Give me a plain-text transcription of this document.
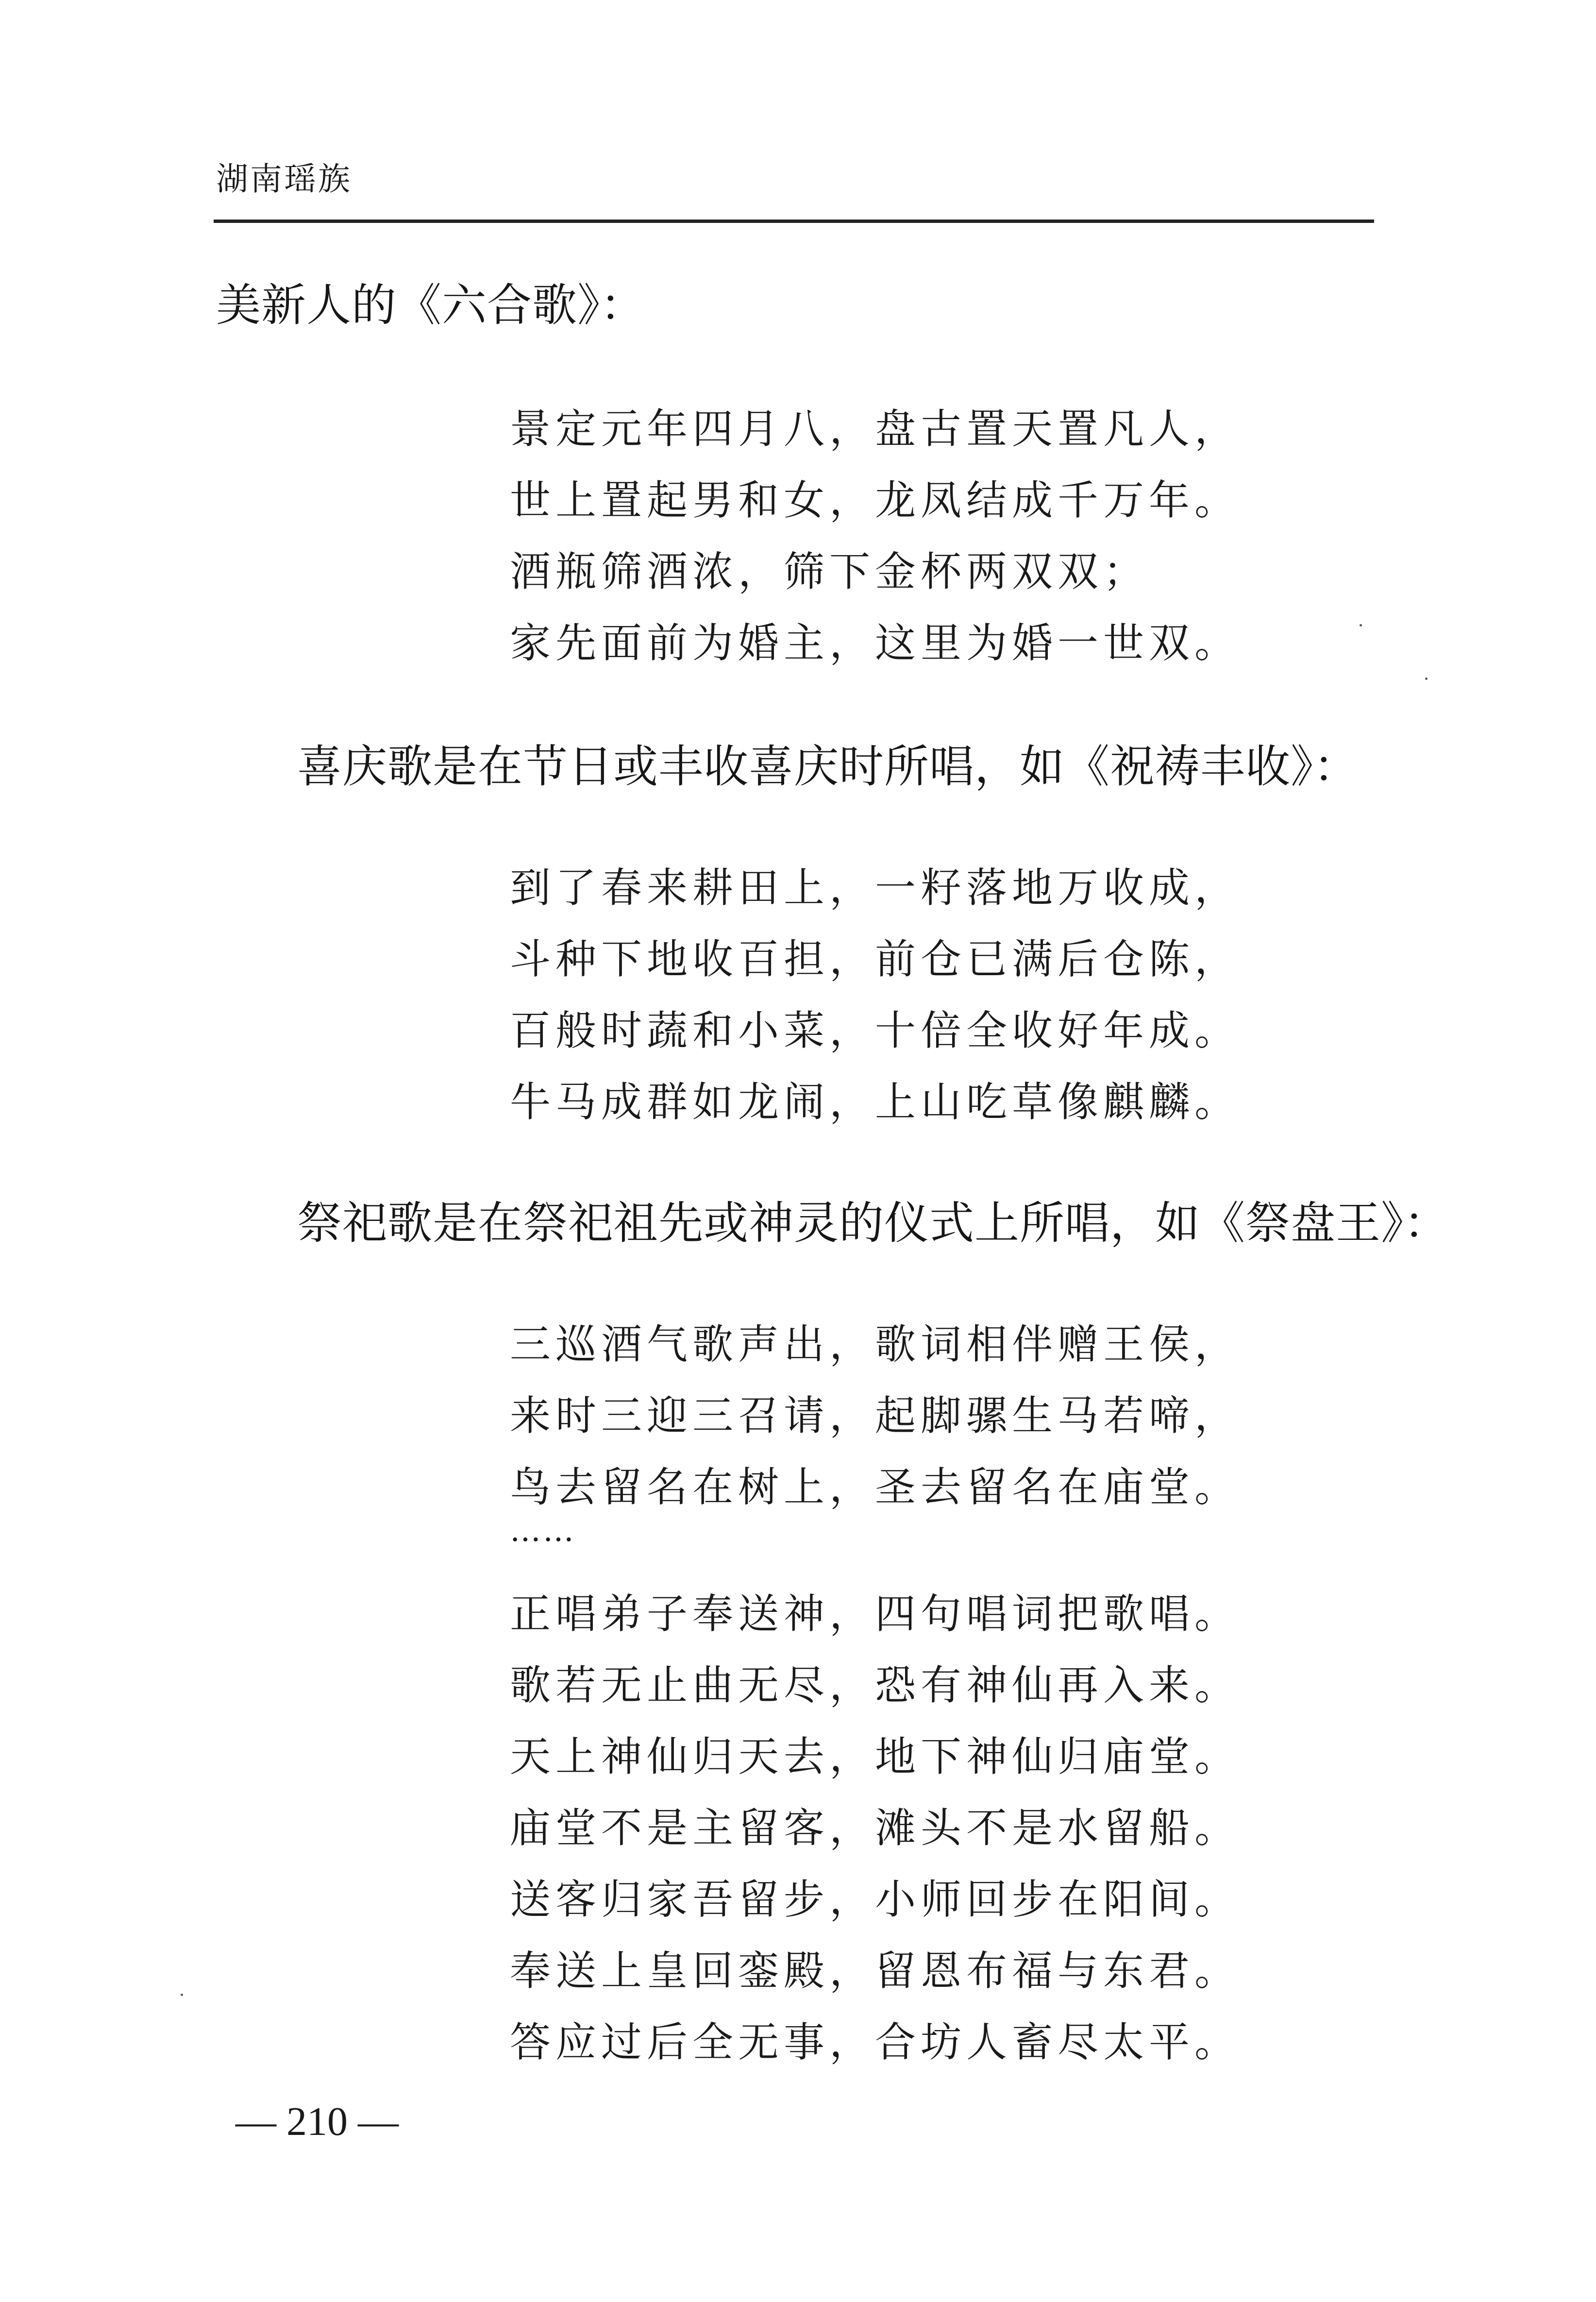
湖南瑶族
美新人的《六合歌》：
景定元年四月八，盘古置天置凡人，
世上置起男和女，龙凤结成千万年。
酒瓶筛酒浓，筛下金杯两双双；
家先面前为婚主，这里为婚一世双。
喜庆歌是在节日或丰收喜庆时所唱，如《祝祷丰收》：
到了春来耕田上，一籽落地万收成，
斗种下地收百担，前仓已满后仓陈，
百般时蔬和小菜，十倍全收好年成。
牛马成群如龙闹，上山吃草像麒麟。
祭祀歌是在祭祀祖先或神灵的仪式上所唱，如《祭盘王》：
三巡酒气歌声出，歌词相伴赠王侯，
来时三迎三召请，起脚骡生马若啼，
鸟去留名在树上，圣去留名在庙堂。
……
正唱弟子奉送神，四句唱词把歌唱。
歌若无止曲无尽，恐有神仙再入来。
天上神仙归天去，地下神仙归庙堂。
庙堂不是主留客，滩头不是水留船。
送客归家吾留步，小师回步在阳间。
奉送上皇回銮殿，留恩布福与东君。
答应过后全无事，合坊人畜尽太平。
— 210 —
